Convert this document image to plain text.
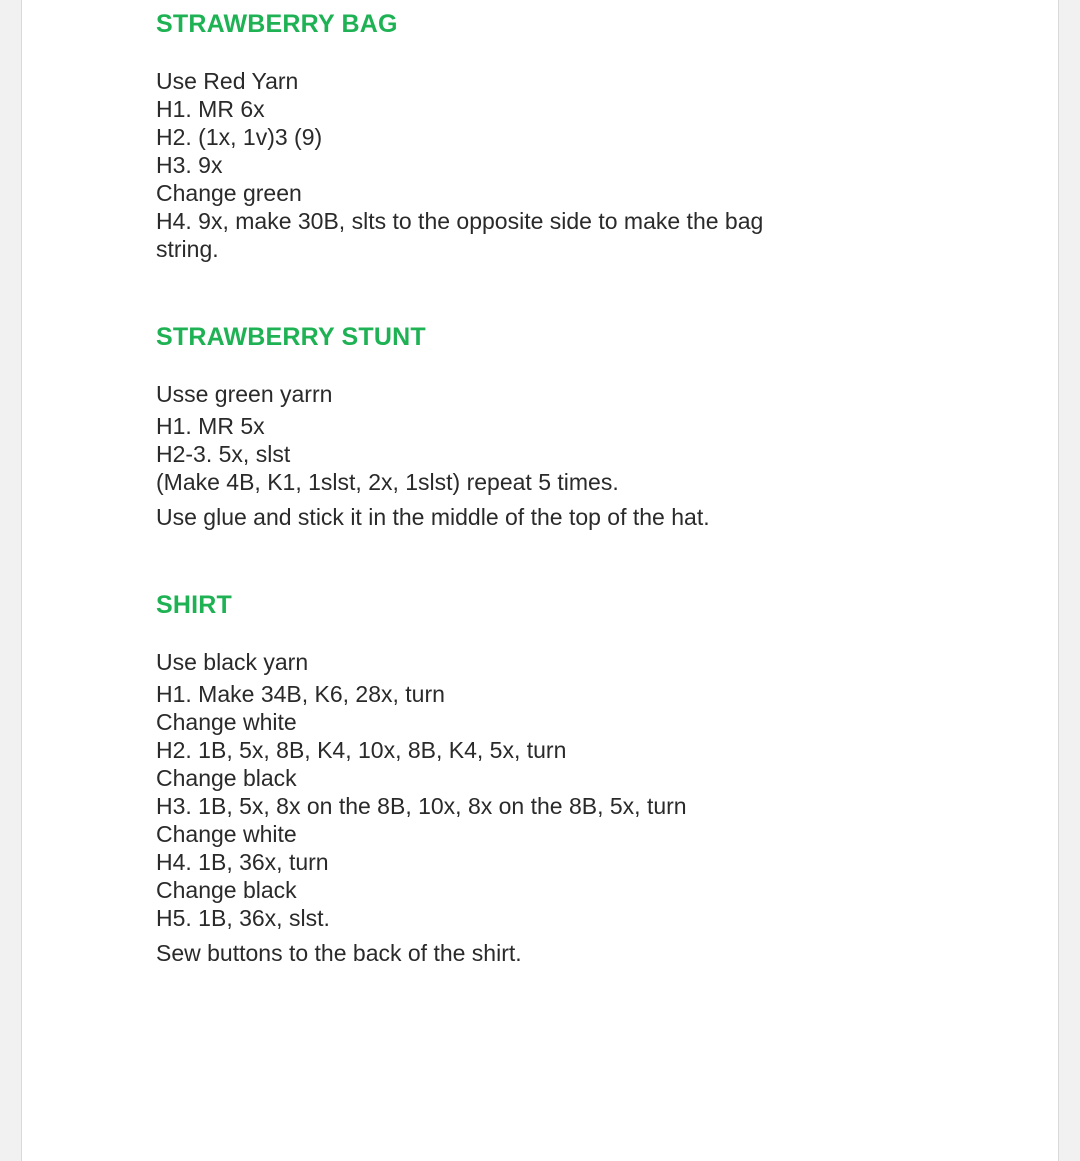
STRAWBERRY BAG
Use Red Yarn
H1. MR 6x
H2. (1x, 1v)3 (9)
H3. 9x
Change green
H4. 9x, make 30B, slts to the opposite side to make the bag string.
STRAWBERRY STUNT
Usse green yarrn
H1. MR 5x
H2-3. 5x, slst
(Make 4B, K1, 1slst, 2x, 1slst) repeat 5 times.
Use glue and stick it in the middle of the top of the hat.
SHIRT
Use black yarn
H1. Make 34B, K6, 28x, turn
Change white
H2. 1B, 5x, 8B, K4, 10x, 8B, K4, 5x, turn
Change black
H3. 1B, 5x, 8x on the 8B, 10x, 8x on the 8B, 5x, turn
Change white
H4. 1B, 36x, turn
Change black
H5. 1B, 36x, slst.
Sew buttons to the back of the shirt.
